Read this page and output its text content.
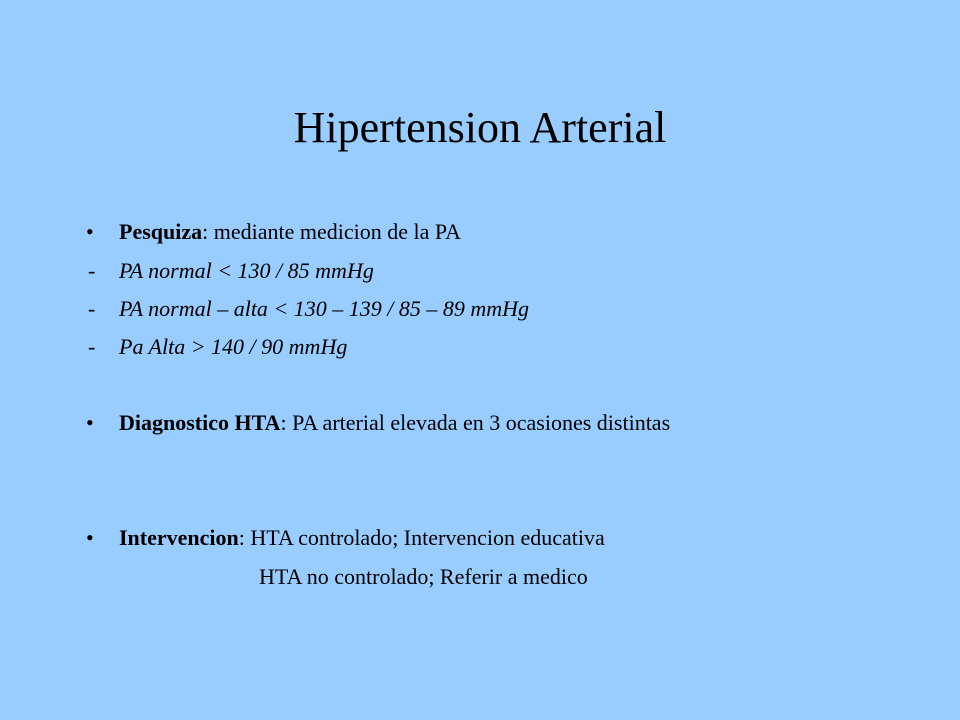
Hipertension Arterial
• Pesquiza: mediante medicion de la PA
- PA normal < 130 / 85 mmHg
- PA normal – alta < 130 – 139 / 85 – 89 mmHg
- Pa Alta > 140 / 90 mmHg
• Diagnostico HTA: PA arterial elevada en 3 ocasiones distintas
• Intervencion: HTA controlado; Intervencion educativa
HTA no controlado; Referir a medico
